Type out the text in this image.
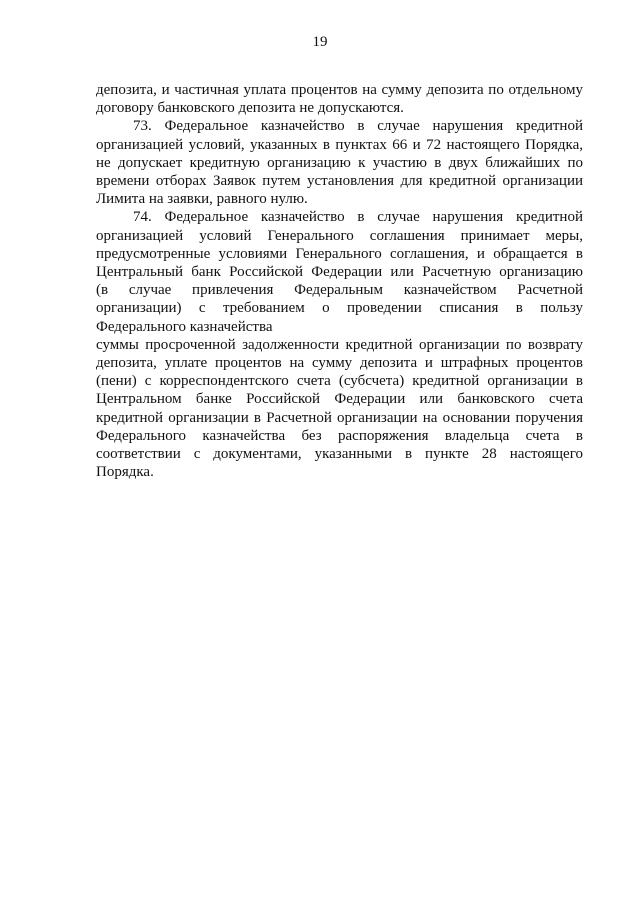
19
депозита, и частичная уплата процентов на сумму депозита по отдельному
договору банковского депозита не допускаются.
73. Федеральное казначейство в случае нарушения кредитной
организацией условий, указанных в пунктах 66 и 72 настоящего Порядка,
не допускает кредитную организацию к участию в двух ближайших по
времени отборах Заявок путем установления для кредитной организации
Лимита на заявки, равного нулю.
74. Федеральное казначейство в случае нарушения кредитной
организацией условий Генерального соглашения принимает меры,
предусмотренные условиями Генерального соглашения, и обращается в
Центральный банк Российской Федерации или Расчетную организацию
(в случае привлечения Федеральным казначейством Расчетной
организации) с требованием о проведении списания в пользу
Федерального казначейства
суммы просроченной задолженности кредитной организации по возврату
депозита, уплате процентов на сумму депозита и штрафных процентов
(пени) с корреспондентского счета (субсчета) кредитной организации в
Центральном банке Российской Федерации или банковского счета
кредитной организации в Расчетной организации на основании поручения
Федерального казначейства без распоряжения владельца счета в
соответствии с документами, указанными в пункте 28 настоящего
Порядка.
